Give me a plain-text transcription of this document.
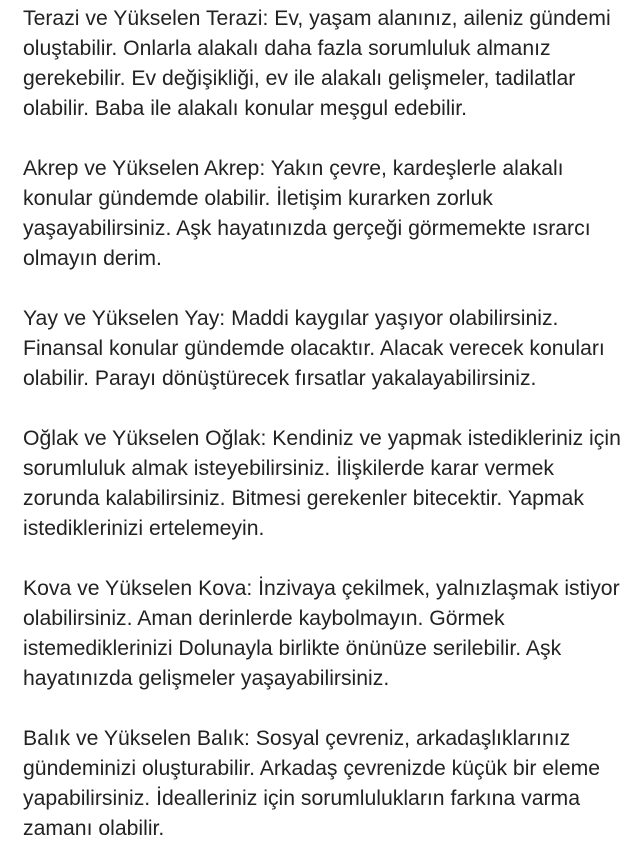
Terazi ve Yükselen Terazi: Ev, yaşam alanınız, aileniz gündemi
oluştabilir. Onlarla alakalı daha fazla sorumluluk almanız
gerekebilir. Ev değişikliği, ev ile alakalı gelişmeler, tadilatlar
olabilir. Baba ile alakalı konular meşgul edebilir.

Akrep ve Yükselen Akrep: Yakın çevre, kardeşlerle alakalı
konular gündemde olabilir. İletişim kurarken zorluk
yaşayabilirsiniz. Aşk hayatınızda gerçeği görmemekte ısrarcı
olmayın derim.

Yay ve Yükselen Yay: Maddi kaygılar yaşıyor olabilirsiniz.
Finansal konular gündemde olacaktır. Alacak verecek konuları
olabilir. Parayı dönüştürecek fırsatlar yakalayabilirsiniz.

Oğlak ve Yükselen Oğlak: Kendiniz ve yapmak istedikleriniz için
sorumluluk almak isteyebilirsiniz. İlişkilerde karar vermek
zorunda kalabilirsiniz. Bitmesi gerekenler bitecektir. Yapmak
istediklerinizi ertelemeyin.

Kova ve Yükselen Kova: İnzivaya çekilmek, yalnızlaşmak istiyor
olabilirsiniz. Aman derinlerde kaybolmayın. Görmek
istemediklerinizi Dolunayla birlikte önünüze serilebilir. Aşk
hayatınızda gelişmeler yaşayabilirsiniz.

Balık ve Yükselen Balık: Sosyal çevreniz, arkadaşlıklarınız
gündeminizi oluşturabilir. Arkadaş çevrenizde küçük bir eleme
yapabilirsiniz. İdealleriniz için sorumlulukların farkına varma
zamanı olabilir.
